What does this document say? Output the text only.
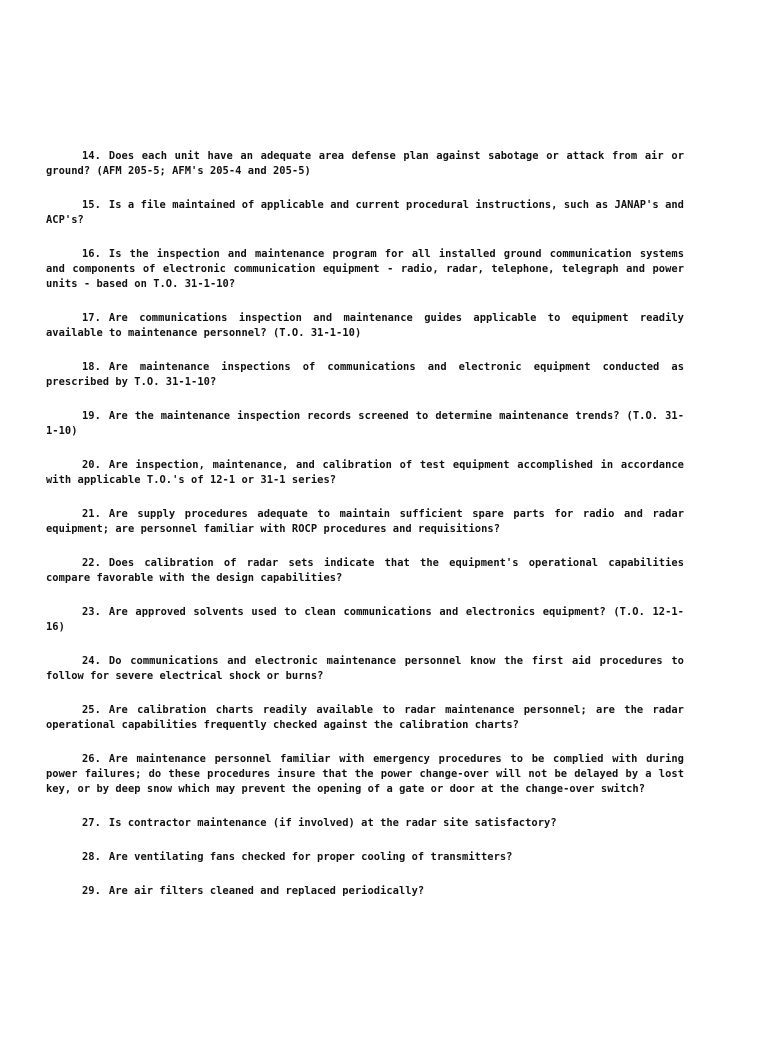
14. Does each unit have an adequate area defense plan against sabotage or attack from air or ground? (AFM 205-5; AFM's 205-4 and 205-5)

15. Is a file maintained of applicable and current procedural instructions, such as JANAP's and ACP's?

16. Is the inspection and maintenance program for all installed ground communication systems and components of electronic communication equipment - radio, radar, telephone, telegraph and power units - based on T.O. 31-1-10?

17. Are communications inspection and maintenance guides applicable to equipment readily available to maintenance personnel? (T.O. 31-1-10)

18. Are maintenance inspections of communications and electronic equipment conducted as prescribed by T.O. 31-1-10?

19. Are the maintenance inspection records screened to determine maintenance trends? (T.O. 31-1-10)

20. Are inspection, maintenance, and calibration of test equipment accomplished in accordance with applicable T.O.'s of 12-1 or 31-1 series?

21. Are supply procedures adequate to maintain sufficient spare parts for radio and radar equipment; are personnel familiar with ROCP procedures and requisitions?

22. Does calibration of radar sets indicate that the equipment's operational capabilities compare favorable with the design capabilities?

23. Are approved solvents used to clean communications and electronics equipment? (T.O. 12-1-16)

24. Do communications and electronic maintenance personnel know the first aid procedures to follow for severe electrical shock or burns?

25. Are calibration charts readily available to radar maintenance personnel; are the radar operational capabilities frequently checked against the calibration charts?

26. Are maintenance personnel familiar with emergency procedures to be complied with during power failures; do these procedures insure that the power change-over will not be delayed by a lost key, or by deep snow which may prevent the opening of a gate or door at the change-over switch?

27. Is contractor maintenance (if involved) at the radar site satisfactory?

28. Are ventilating fans checked for proper cooling of transmitters?

29. Are air filters cleaned and replaced periodically?
